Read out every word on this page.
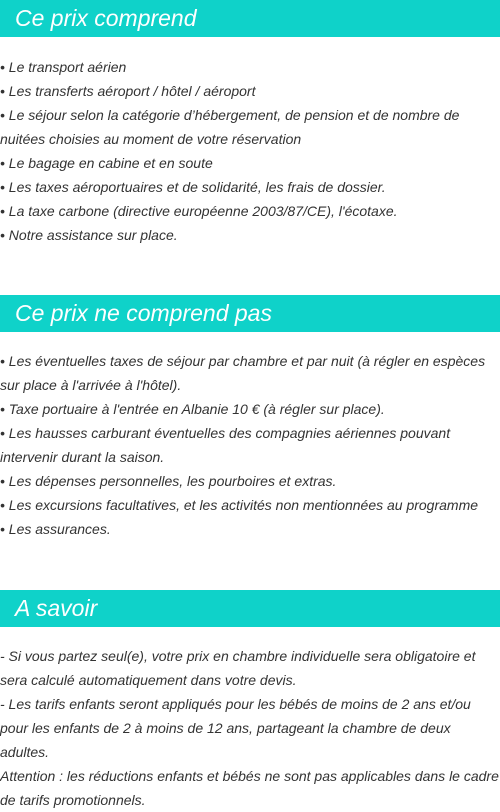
Ce prix comprend
• Le transport aérien
• Les transferts aéroport / hôtel / aéroport
• Le séjour selon la catégorie d’hébergement, de pension et de nombre de nuitées choisies au moment de votre réservation
• Le bagage en cabine et en soute
• Les taxes aéroportuaires et de solidarité, les frais de dossier.
• La taxe carbone (directive européenne 2003/87/CE), l'écotaxe.
• Notre assistance sur place.
Ce prix ne comprend pas
• Les éventuelles taxes de séjour par chambre et par nuit (à régler en espèces sur place à l'arrivée à l'hôtel).
• Taxe portuaire à l'entrée en Albanie 10 € (à régler sur place).
• Les hausses carburant éventuelles des compagnies aériennes pouvant intervenir durant la saison.
• Les dépenses personnelles, les pourboires et extras.
• Les excursions facultatives, et les activités non mentionnées au programme
• Les assurances.
A savoir
- Si vous partez seul(e), votre prix en chambre individuelle sera obligatoire et sera calculé automatiquement dans votre devis.
- Les tarifs enfants seront appliqués pour les bébés de moins de 2 ans et/ou pour les enfants de 2 à moins de 12 ans, partageant la chambre de deux adultes.
Attention : les réductions enfants et bébés ne sont pas applicables dans le cadre de tarifs promotionnels.
